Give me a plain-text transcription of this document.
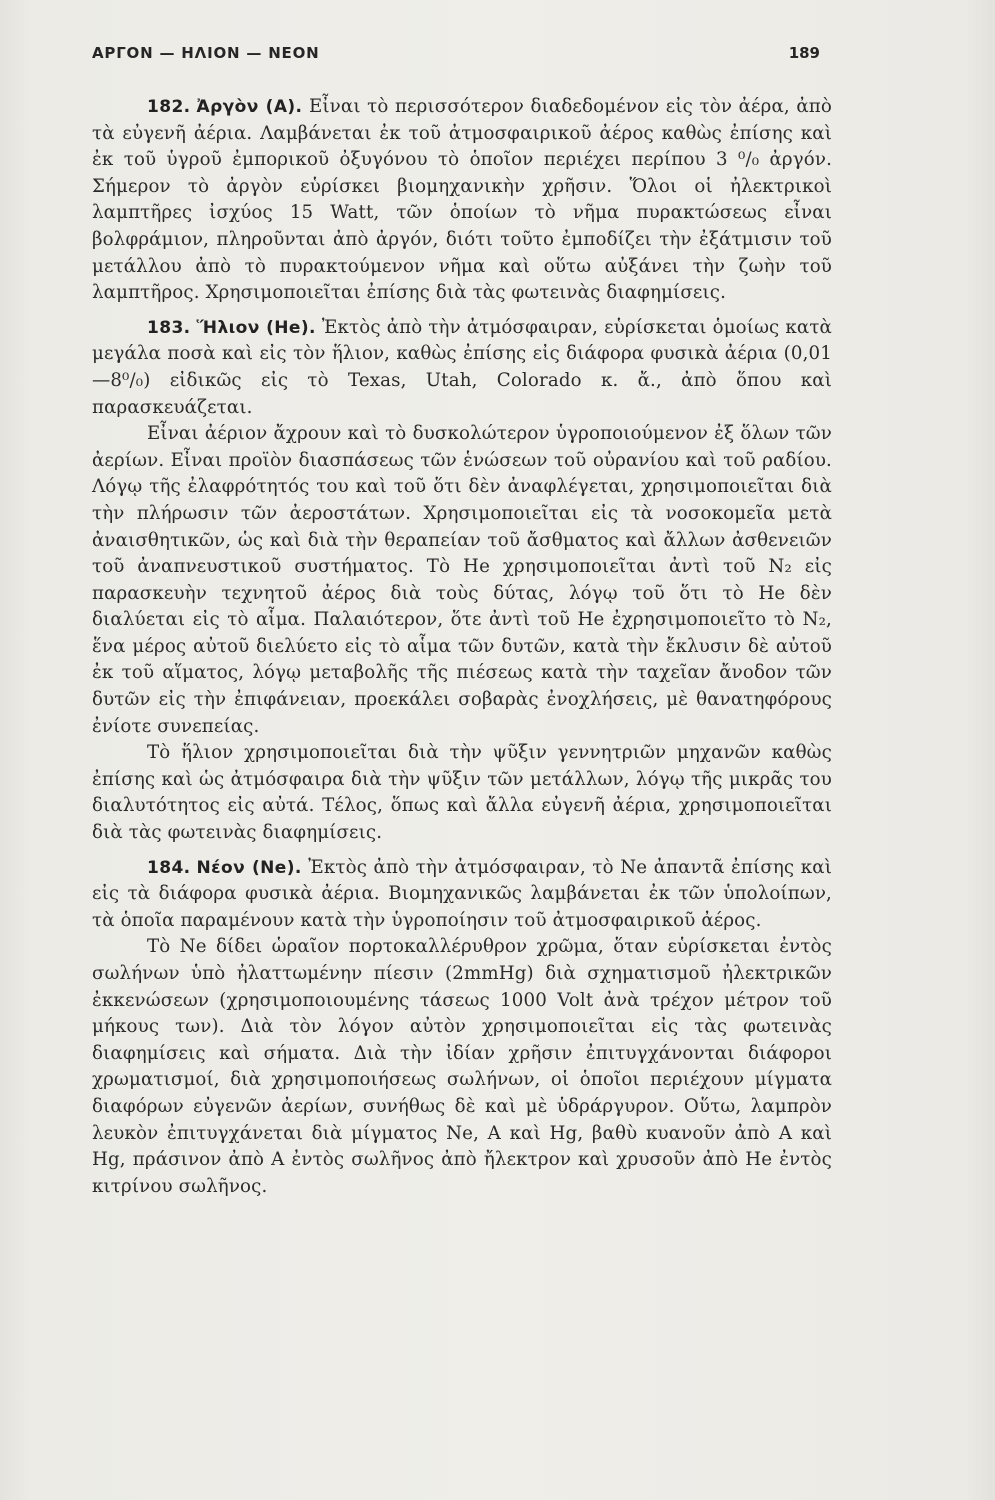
ΑΡΓΟΝ — ΗΛΙΟΝ — ΝΕΟΝ	189

182. Ἀργὸν (Α). Εἶναι τὸ περισσότερον διαδεδομένον εἰς τὸν ἀέρα, ἀπὸ τὰ εὐγενῆ ἀέρια. Λαμβάνεται ἐκ τοῦ ἀτμοσφαιρικοῦ ἀέρος καθὼς ἐπίσης καὶ ἐκ τοῦ ὑγροῦ ἐμπορικοῦ ὀξυγόνου τὸ ὁποῖον περιέχει περίπου 3 ⁰/₀ ἀργόν. Σήμερον τὸ ἀργὸν εὑρίσκει βιομηχανικὴν χρῆσιν. Ὅλοι οἱ ἠλεκτρικοὶ λαμπτῆρες ἰσχύος 15 Watt, τῶν ὁποίων τὸ νῆμα πυρακτώσεως εἶναι βολφράμιον, πληροῦνται ἀπὸ ἀργόν, διότι τοῦτο ἐμποδίζει τὴν ἐξάτμισιν τοῦ μετάλλου ἀπὸ τὸ πυρακτούμενον νῆμα καὶ οὕτω αὐξάνει τὴν ζωὴν τοῦ λαμπτῆρος. Χρησιμοποιεῖται ἐπίσης διὰ τὰς φωτεινὰς διαφημίσεις.

183. Ἥλιον (He). Ἐκτὸς ἀπὸ τὴν ἀτμόσφαιραν, εὑρίσκεται ὁμοίως κατὰ μεγάλα ποσὰ καὶ εἰς τὸν ἥλιον, καθὼς ἐπίσης εἰς διάφορα φυσικὰ ἀέρια (0,01—8⁰/₀) εἰδικῶς εἰς τὸ Texas, Utah, Colorado κ. ἄ., ἀπὸ ὅπου καὶ παρασκευάζεται.

Εἶναι ἀέριον ἄχρουν καὶ τὸ δυσκολώτερον ὑγροποιούμενον ἐξ ὅλων τῶν ἀερίων. Εἶναι προϊὸν διασπάσεως τῶν ἑνώσεων τοῦ οὐρανίου καὶ τοῦ ραδίου. Λόγῳ τῆς ἐλαφρότητός του καὶ τοῦ ὅτι δὲν ἀναφλέγεται, χρησιμοποιεῖται διὰ τὴν πλήρωσιν τῶν ἀεροστάτων. Χρησιμοποιεῖται εἰς τὰ νοσοκομεῖα μετὰ ἀναισθητικῶν, ὡς καὶ διὰ τὴν θεραπείαν τοῦ ἄσθματος καὶ ἄλλων ἀσθενειῶν τοῦ ἀναπνευστικοῦ συστήματος. Τὸ He χρησιμοποιεῖται ἀντὶ τοῦ N₂ εἰς παρασκευὴν τεχνητοῦ ἀέρος διὰ τοὺς δύτας, λόγῳ τοῦ ὅτι τὸ He δὲν διαλύεται εἰς τὸ αἷμα. Παλαιότερον, ὅτε ἀντὶ τοῦ He ἐχρησιμοποιεῖτο τὸ N₂, ἕνα μέρος αὐτοῦ διελύετο εἰς τὸ αἷμα τῶν δυτῶν, κατὰ τὴν ἔκλυσιν δὲ αὐτοῦ ἐκ τοῦ αἵματος, λόγῳ μεταβολῆς τῆς πιέσεως κατὰ τὴν ταχεῖαν ἄνοδον τῶν δυτῶν εἰς τὴν ἐπιφάνειαν, προεκάλει σοβαρὰς ἐνοχλήσεις, μὲ θανατηφόρους ἐνίοτε συνεπείας.

Τὸ ἥλιον χρησιμοποιεῖται διὰ τὴν ψῦξιν γεννητριῶν μηχανῶν καθὼς ἐπίσης καὶ ὡς ἀτμόσφαιρα διὰ τὴν ψῦξιν τῶν μετάλλων, λόγῳ τῆς μικρᾶς του διαλυτότητος εἰς αὐτά. Τέλος, ὅπως καὶ ἄλλα εὐγενῆ ἀέρια, χρησιμοποιεῖται διὰ τὰς φωτεινὰς διαφημίσεις.

184. Νέον (Ne). Ἐκτὸς ἀπὸ τὴν ἀτμόσφαιραν, τὸ Ne ἀπαντᾶ ἐπίσης καὶ εἰς τὰ διάφορα φυσικὰ ἀέρια. Βιομηχανικῶς λαμβάνεται ἐκ τῶν ὑπολοίπων, τὰ ὁποῖα παραμένουν κατὰ τὴν ὑγροποίησιν τοῦ ἀτμοσφαιρικοῦ ἀέρος.

Τὸ Ne δίδει ὡραῖον πορτοκαλλέρυθρον χρῶμα, ὅταν εὑρίσκεται ἐντὸς σωλήνων ὑπὸ ἠλαττωμένην πίεσιν (2mmHg) διὰ σχηματισμοῦ ἠλεκτρικῶν ἐκκενώσεων (χρησιμοποιουμένης τάσεως 1000 Volt ἀνὰ τρέχον μέτρον τοῦ μήκους των). Διὰ τὸν λόγον αὐτὸν χρησιμοποιεῖται εἰς τὰς φωτεινὰς διαφημίσεις καὶ σήματα. Διὰ τὴν ἰδίαν χρῆσιν ἐπιτυγχάνονται διάφοροι χρωματισμοί, διὰ χρησιμοποιήσεως σωλήνων, οἱ ὁποῖοι περιέχουν μίγματα διαφόρων εὐγενῶν ἀερίων, συνήθως δὲ καὶ μὲ ὑδράργυρον. Οὕτω, λαμπρὸν λευκὸν ἐπιτυγχάνεται διὰ μίγματος Ne, A καὶ Hg, βαθὺ κυανοῦν ἀπὸ A καὶ Hg, πράσινον ἀπὸ A ἐντὸς σωλῆνος ἀπὸ ἤλεκτρον καὶ χρυσοῦν ἀπὸ He ἐντὸς κιτρίνου σωλῆνος.
